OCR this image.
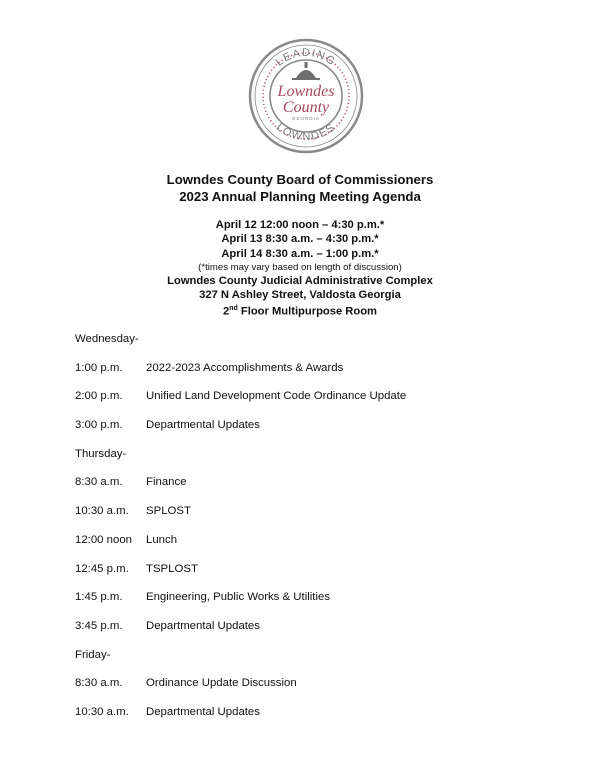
LEADING
LOWNDES
Lowndes
County
GEORGIA
Lowndes County Board of Commissioners
2023 Annual Planning Meeting Agenda
April 12 12:00 noon – 4:30 p.m.*
April 13 8:30 a.m. – 4:30 p.m.*
April 14 8:30 a.m. – 1:00 p.m.*
(*times may vary based on length of discussion)
Lowndes County Judicial Administrative Complex
327 N Ashley Street, Valdosta Georgia
2nd Floor Multipurpose Room
Wednesday-
1:00 p.m.	2022-2023 Accomplishments & Awards
2:00 p.m.	Unified Land Development Code Ordinance Update
3:00 p.m.	Departmental Updates
Thursday-
8:30 a.m.	Finance
10:30 a.m.	SPLOST
12:00 noon	Lunch
12:45 p.m.	TSPLOST
1:45 p.m.	Engineering, Public Works & Utilities
3:45 p.m.	Departmental Updates
Friday-
8:30 a.m.	Ordinance Update Discussion
10:30 a.m.	Departmental Updates
